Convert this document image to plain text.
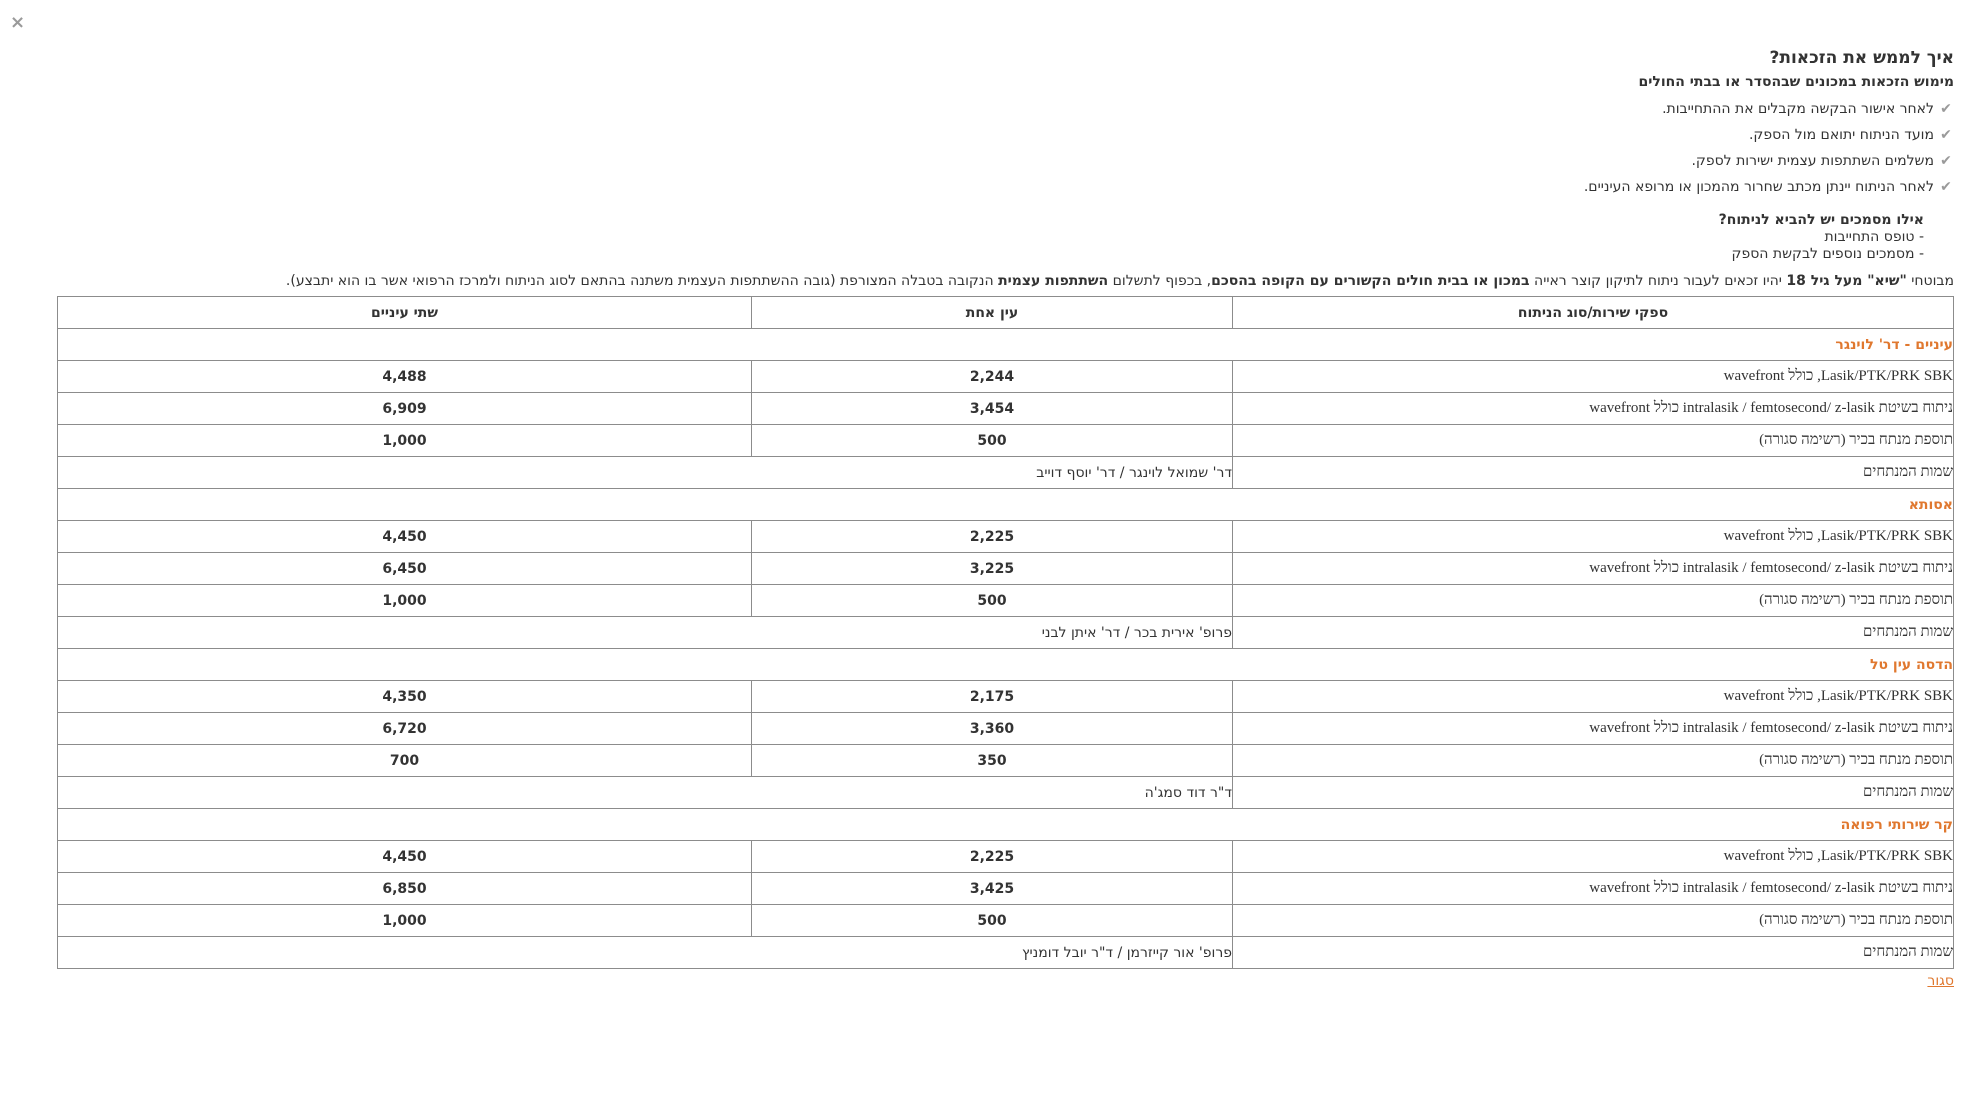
×
איך לממש את הזכאות?
מימוש הזכאות במכונים שבהסדר או בבתי החולים
✔
לאחר אישור הבקשה מקבלים את ההתחייבות.
✔
מועד הניתוח יתואם מול הספק.
✔
משלמים השתתפות עצמית ישירות לספק.
✔
לאחר הניתוח יינתן מכתב שחרור מהמכון או מרופא העיניים.
אילו מסמכים יש להביא לניתוח?
- טופס התחייבות
- מסמכים נוספים לבקשת הספק
מבוטחי "שיא" מעל גיל 18 יהיו זכאים לעבור ניתוח לתיקון קוצר ראייה במכון או בבית חולים הקשורים עם הקופה בהסכם, בכפוף לתשלום השתתפות עצמית הנקובה בטבלה המצורפת (גובה ההשתתפות העצמית משתנה בהתאם לסוג הניתוח ולמרכז הרפואי אשר בו הוא יתבצע).
ספקי שירות/סוג הניתוח	עין אחת	שתי עיניים
עיניים - דר' לוינגר		
Lasik/PTK/PRK SBK, כולל wavefront	2,244	4,488
ניתוח בשיטת intralasik / femtosecond/ z-lasik כולל wavefront	3,454	6,909
תוספת מנתח בכיר (רשימה סגורה)	500	1,000
שמות המנתחים	דר' שמואל לוינגר / דר' יוסף דוייב	
אסותא		
Lasik/PTK/PRK SBK, כולל wavefront	2,225	4,450
ניתוח בשיטת intralasik / femtosecond/ z-lasik כולל wavefront	3,225	6,450
תוספת מנתח בכיר (רשימה סגורה)	500	1,000
שמות המנתחים	פרופ' אירית בכר / דר' איתן לבני	
הדסה עין טל		
Lasik/PTK/PRK SBK, כולל wavefront	2,175	4,350
ניתוח בשיטת intralasik / femtosecond/ z-lasik כולל wavefront	3,360	6,720
תוספת מנתח בכיר (רשימה סגורה)	350	700
שמות המנתחים	ד"ר דוד סמג'ה	
קר שירותי רפואה		
Lasik/PTK/PRK SBK, כולל wavefront	2,225	4,450
ניתוח בשיטת intralasik / femtosecond/ z-lasik כולל wavefront	3,425	6,850
תוספת מנתח בכיר (רשימה סגורה)	500	1,000
שמות המנתחים	פרופ' אור קייזרמן / ד"ר יובל דומניץ	
סגור
